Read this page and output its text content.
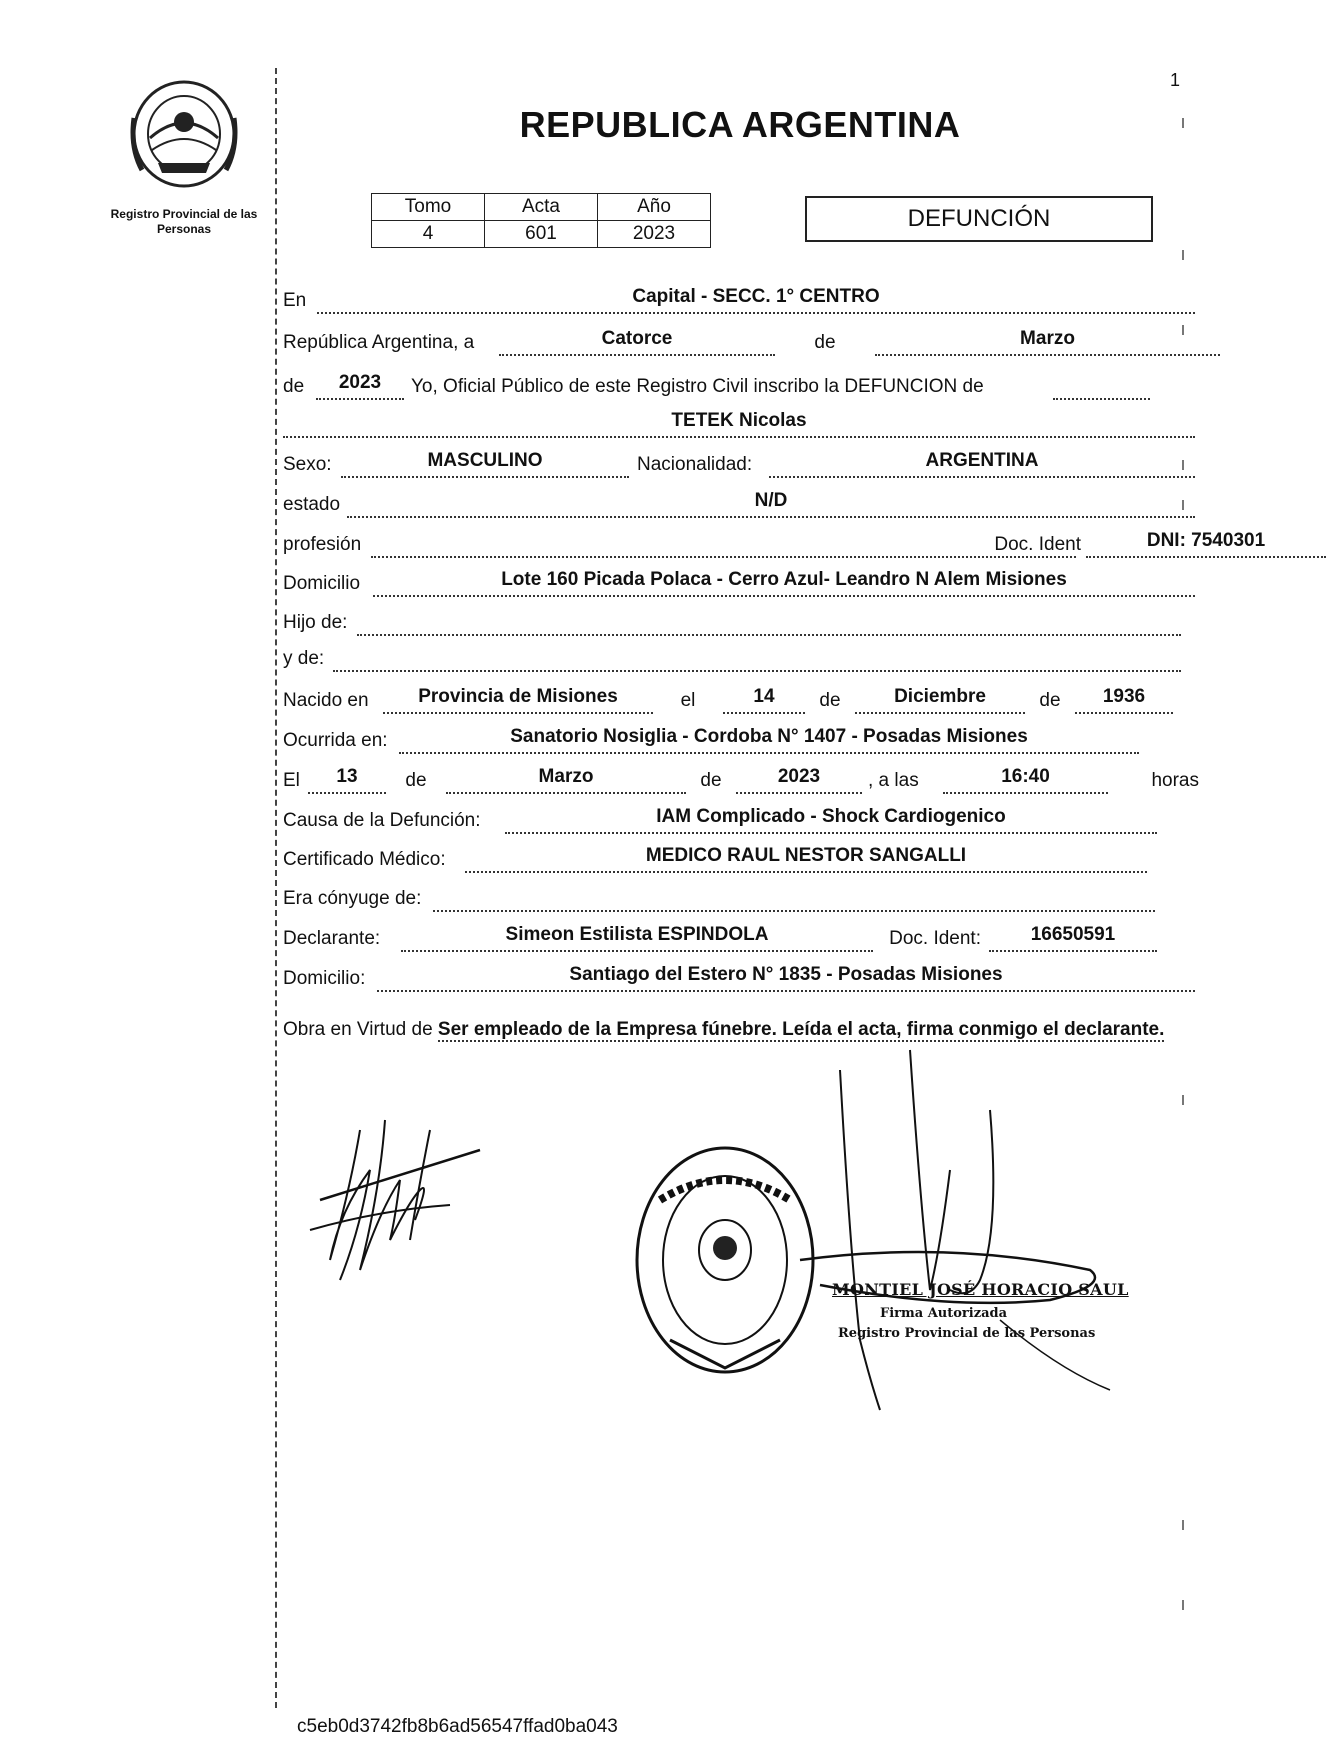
Registro Provincial de las Personas
1
REPUBLICA ARGENTINA
Tomo	Acta	Año
4	601	2023
DEFUNCIÓN
En	Capital - SECC. 1° CENTRO
República Argentina, a	Catorce	de	Marzo
de	2023	Yo, Oficial Público de este Registro Civil inscribo la DEFUNCION de
TETEK Nicolas
Sexo:	MASCULINO	Nacionalidad:	ARGENTINA
estado	N/D
profesión	Doc. Ident	DNI: 7540301
Domicilio	Lote 160 Picada Polaca - Cerro Azul- Leandro N Alem Misiones
Hijo de:
y de:
Nacido en	Provincia de Misiones	el	14	de	Diciembre	de	1936
Ocurrida en:	Sanatorio Nosiglia - Cordoba N° 1407 - Posadas Misiones
El	13	de	Marzo	de	2023	, a las	16:40	horas
Causa de la Defunción:	IAM Complicado - Shock Cardiogenico
Certificado Médico:	MEDICO RAUL NESTOR SANGALLI
Era cónyuge de:
Declarante:	Simeon Estilista ESPINDOLA	Doc. Ident:	16650591
Domicilio:	Santiago del Estero N° 1835 - Posadas Misiones
Obra en Virtud de Ser empleado de la Empresa fúnebre. Leída el acta, firma conmigo el declarante.
MONTIEL JOSÉ HORACIO SAUL
Firma Autorizada
Registro Provincial de las Personas
c5eb0d3742fb8b6ad56547ffad0ba043
